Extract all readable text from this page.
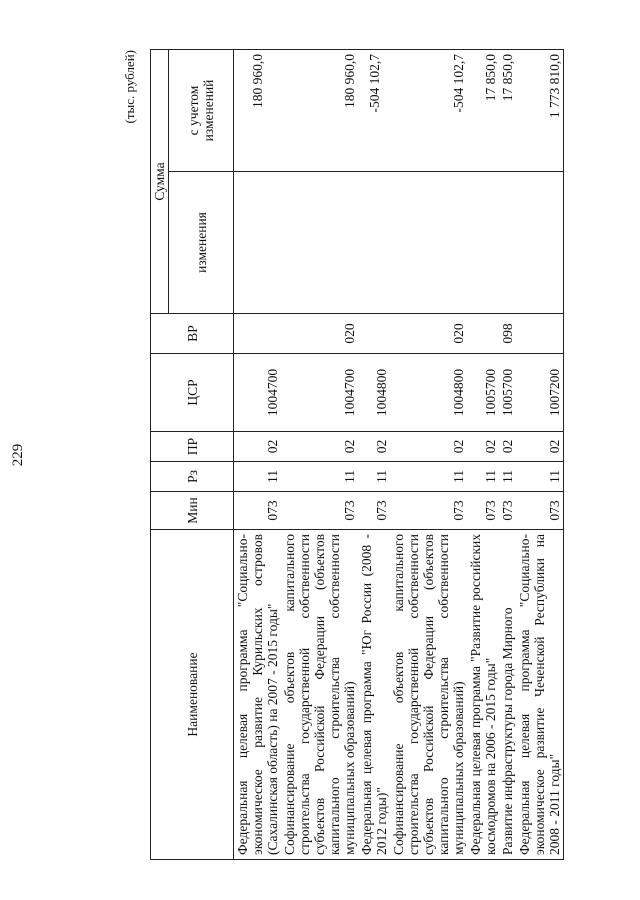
229
(тыс. рублей)
Наименование	Мин	Рз	ПР	ЦСР	ВР	Сумма	
						изменения	с учетом изменений
Федеральная целевая программа "Социально-экономическое развитие Курильских островов (Сахалинская область) на 2007 - 2015 годы"	073	11	02	1004700			180 960,0
Софинансирование объектов капитального строительства государственной собственности субъектов Российской Федерации (объектов капитального строительства собственности муниципальных образований)	073	11	02	1004700	020		180 960,0
Федеральная целевая программа "Юг России (2008 - 2012 годы)"	073	11	02	1004800			-504 102,7
Софинансирование объектов капитального строительства государственной собственности субъектов Российской Федерации (объектов капитального строительства собственности муниципальных образований)	073	11	02	1004800	020		-504 102,7
Федеральная целевая программа "Развитие российских космодромов на 2006 - 2015 годы"	073	11	02	1005700			17 850,0
Развитие инфраструктуры города Мирного	073	11	02	1005700	098		17 850,0
Федеральная целевая программа "Социально-экономическое развитие Чеченской Республики на 2008 - 2011 годы"	073	11	02	1007200			1 773 810,0
